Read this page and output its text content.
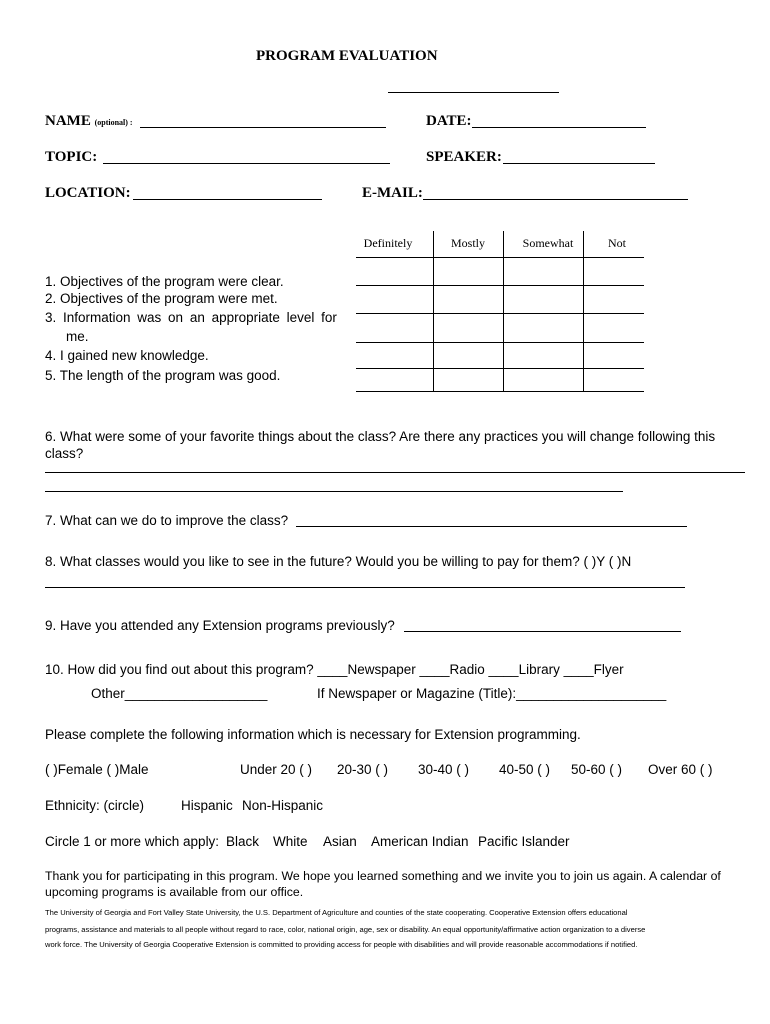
PROGRAM EVALUATION
NAME (optional) :	DATE:
TOPIC:	SPEAKER:
LOCATION:	E-MAIL:
Definitely	Mostly	Somewhat	Not
1. Objectives of the program were clear.
2. Objectives of the program were met.
3. Information was on an appropriate level for
me.
4. I gained new knowledge.
5. The length of the program was good.
6. What were some of your favorite things about the class? Are there any practices you will change following this
class?
7. What can we do to improve the class?
8. What classes would you like to see in the future? Would you be willing to pay for them? ( )Y ( )N
9. Have you attended any Extension programs previously?
10. How did you find out about this program? ____Newspaper ____Radio ____Library ____Flyer
Other___________________	If Newspaper or Magazine (Title):____________________
Please complete the following information which is necessary for Extension programming.
( )Female ( )Male	Under 20 ( ) 20-30 ( ) 30-40 ( ) 40-50 ( ) 50-60 ( ) Over 60 ( )
Ethnicity: (circle)	Hispanic Non-Hispanic
Circle 1 or more which apply: Black White Asian American Indian Pacific Islander
Thank you for participating in this program. We hope you learned something and we invite you to join us again. A calendar of
upcoming programs is available from our office.
The University of Georgia and Fort Valley State University, the U.S. Department of Agriculture and counties of the state cooperating. Cooperative Extension offers educational
programs, assistance and materials to all people without regard to race, color, national origin, age, sex or disability. An equal opportunity/affirmative action organization to a diverse
work force. The University of Georgia Cooperative Extension is committed to providing access for people with disabilities and will provide reasonable accommodations if notified.
